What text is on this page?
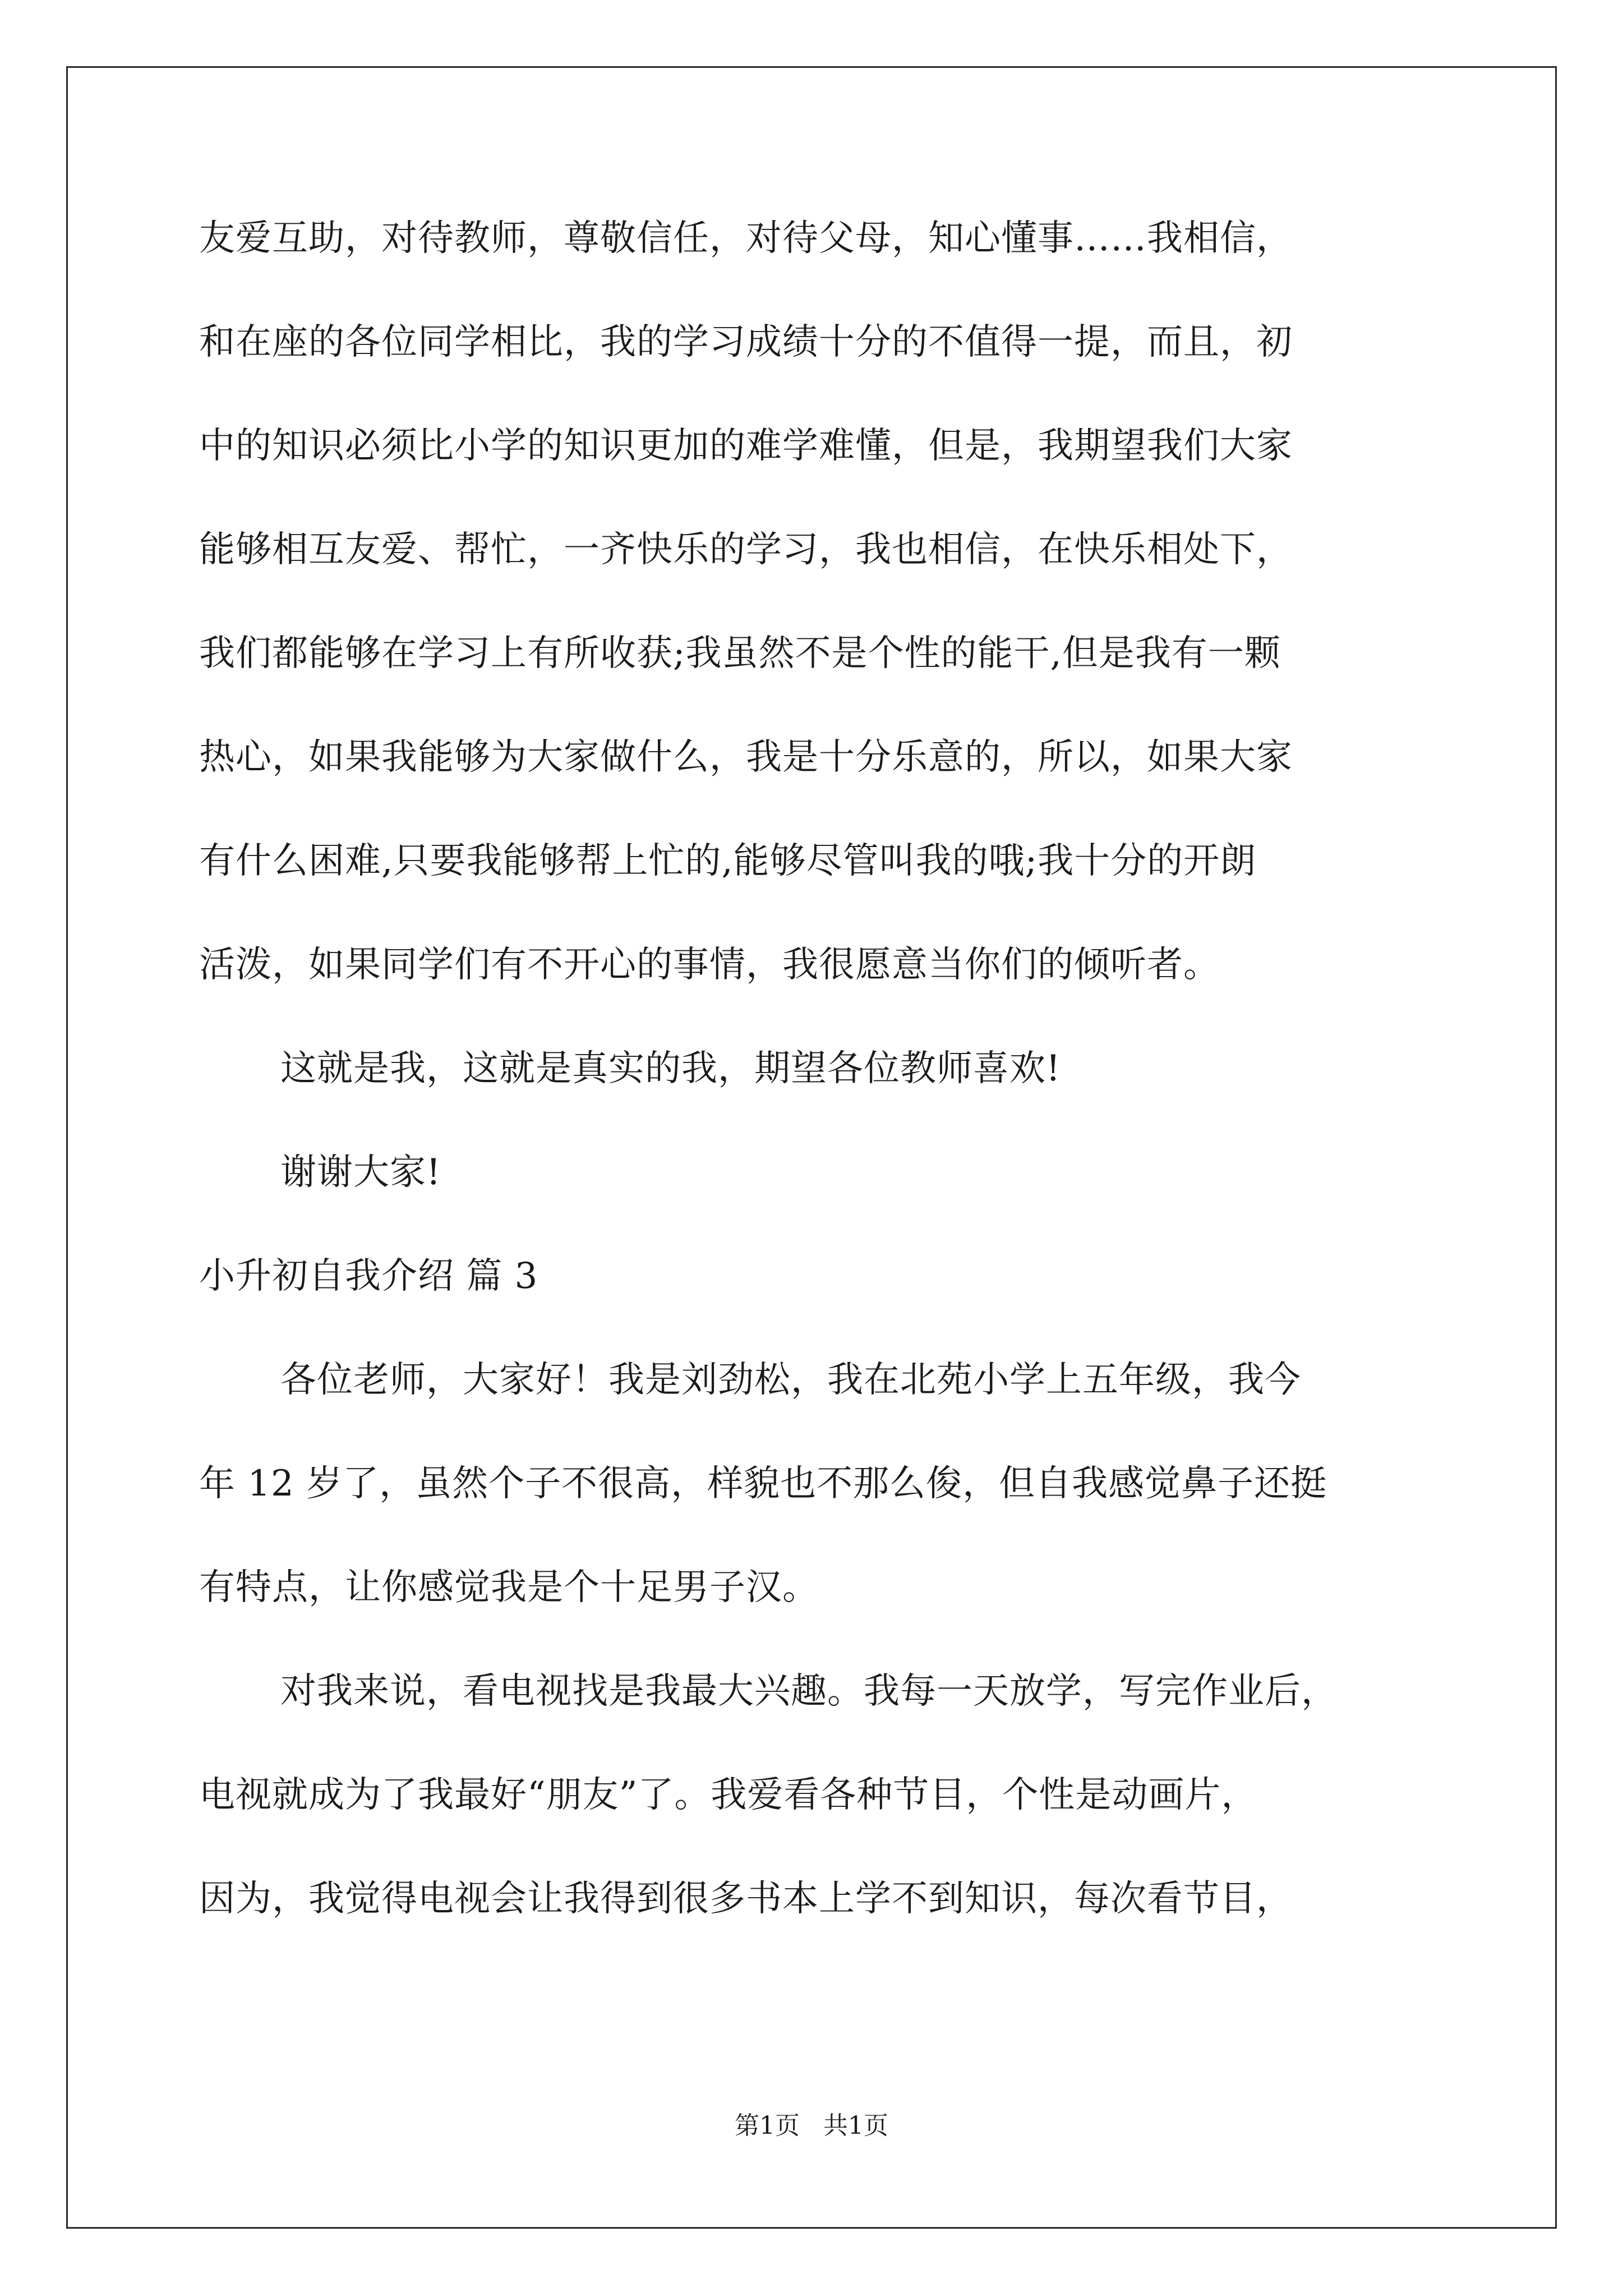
友爱互助，对待教师，尊敬信任，对待父母，知心懂事……我相信，
和在座的各位同学相比，我的学习成绩十分的不值得一提，而且，初
中的知识必须比小学的知识更加的难学难懂，但是，我期望我们大家
能够相互友爱、帮忙，一齐快乐的学习，我也相信，在快乐相处下，
我们都能够在学习上有所收获;我虽然不是个性的能干,但是我有一颗
热心，如果我能够为大家做什么，我是十分乐意的，所以，如果大家
有什么困难,只要我能够帮上忙的,能够尽管叫我的哦;我十分的开朗
活泼，如果同学们有不开心的事情，我很愿意当你们的倾听者。
这就是我，这就是真实的我，期望各位教师喜欢!
谢谢大家!
小升初自我介绍 篇 3
各位老师，大家好！我是刘劲松，我在北苑小学上五年级，我今
年 12 岁了，虽然个子不很高，样貌也不那么俊，但自我感觉鼻子还挺
有特点，让你感觉我是个十足男子汉。
对我来说，看电视找是我最大兴趣。我每一天放学，写完作业后，
电视就成为了我最好“朋友”了。我爱看各种节目，个性是动画片，
因为，我觉得电视会让我得到很多书本上学不到知识，每次看节目，
第1页   共1页
